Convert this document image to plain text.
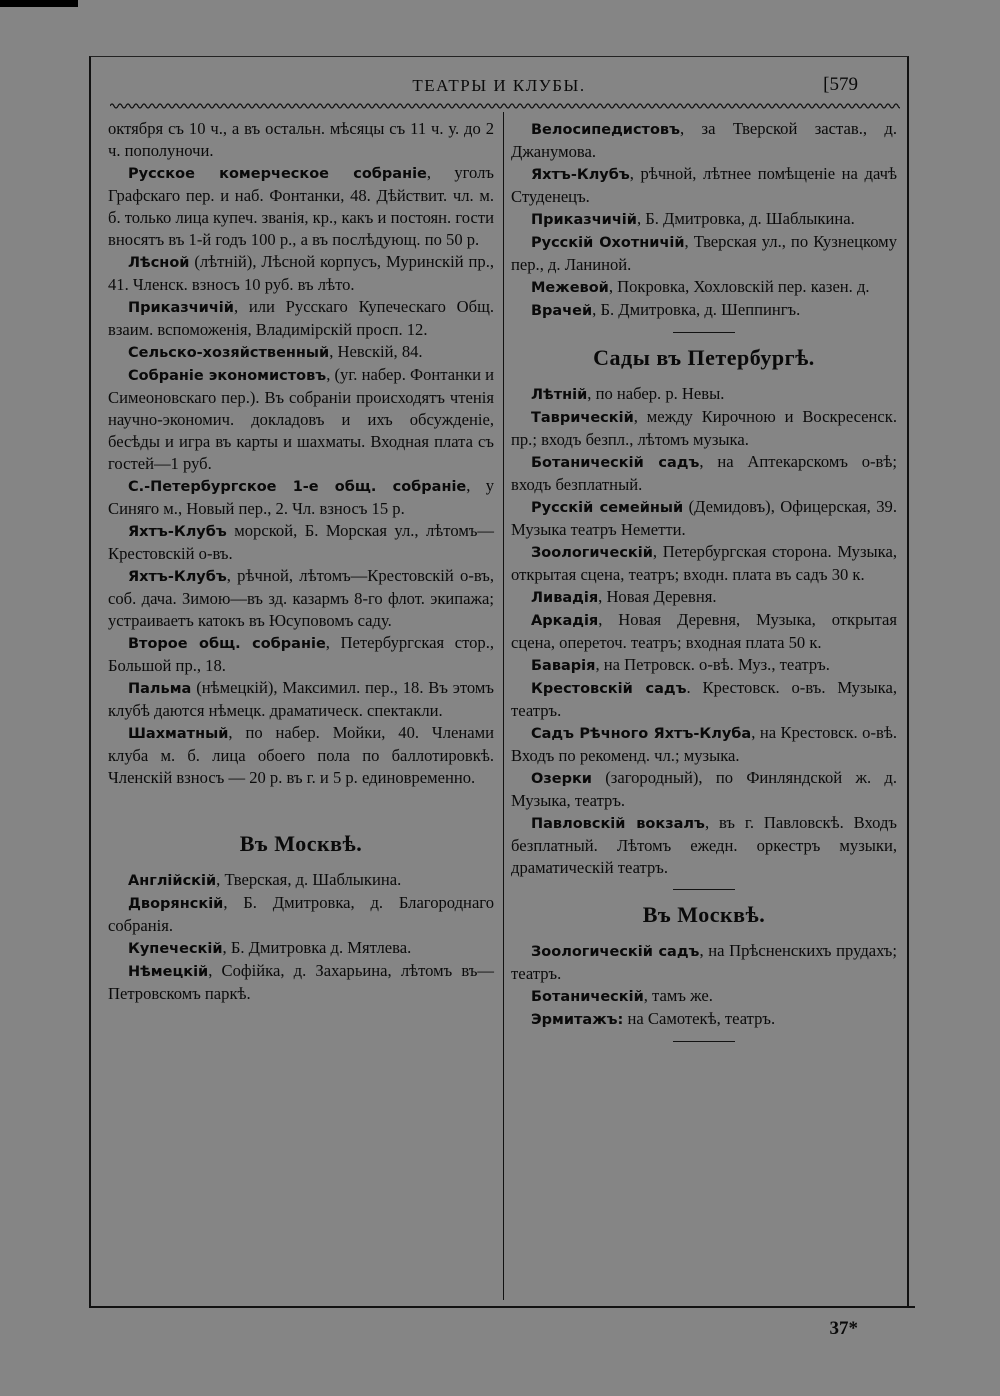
ТЕАТРЫ И КЛУБЫ.	[579

октября съ 10 ч., а въ остальн. мѣсяцы съ 11 ч. у. до 2 ч. пополуночи.

Русское комерческое собраніе, уголъ Графскаго пер. и наб. Фонтанки, 48. Дѣйствит. чл. м. б. только лица купеч. званія, кр., какъ и постоян. гости вносятъ въ 1-й годъ 100 р., а въ послѣдующ. по 50 р.

Лѣсной (лѣтній), Лѣсной корпусъ, Муринскій пр., 41. Членск. взносъ 10 руб. въ лѣто.

Приказчичій, или Русскаго Купеческаго Общ. взаим. вспоможенія, Владимірскій просп. 12.

Сельско-хозяйственный, Невскій, 84.

Собраніе экономистовъ, (уг. набер. Фонтанки и Симеоновскаго пер.). Въ собраніи происходятъ чтенія научно-экономич. докладовъ и ихъ обсужденіе, бесѣды и игра въ карты и шахматы. Входная плата съ гостей—1 руб.

С.-Петербургское 1-е общ. собраніе, у Синяго м., Новый пер., 2. Чл. взносъ 15 р.

Яхтъ-Клубъ морской, Б. Морская ул., лѣтомъ—Крестовскій о-въ.

Яхтъ-Клубъ, рѣчной, лѣтомъ—Крестовскій о-въ, соб. дача. Зимою—въ зд. казармъ 8-го флот. экипажа; устраиваетъ катокъ въ Юсуповомъ саду.

Второе общ. собраніе, Петербургская стор., Большой пр., 18.

Пальма (нѣмецкій), Максимил. пер., 18. Въ этомъ клубѣ даются нѣмецк. драматическ. спектакли.

Шахматный, по набер. Мойки, 40. Членами клуба м. б. лица обоего пола по баллотировкѣ. Членскій взносъ — 20 р. въ г. и 5 р. единовременно.

Въ Москвѣ.

Англійскій, Тверская, д. Шаблыкина.

Дворянскій, Б. Дмитровка, д. Благороднаго собранія.

Купеческій, Б. Дмитровка д. Мятлева.

Нѣмецкій, Софійка, д. Захарьина, лѣтомъ въ—Петровскомъ паркѣ.

Велосипедистовъ, за Тверской застав., д. Джанумова.

Яхтъ-Клубъ, рѣчной, лѣтнее помѣщеніе на дачѣ Студенецъ.

Приказчичій, Б. Дмитровка, д. Шаблыкина.

Русскій Охотничій, Тверская ул., по Кузнецкому пер., д. Ланиной.

Межевой, Покровка, Хохловскій пер. казен. д.

Врачей, Б. Дмитровка, д. Шеппингъ.

Сады въ Петербургѣ.

Лѣтній, по набер. р. Невы.

Таврическій, между Кирочною и Воскресенск. пр.; входъ безпл., лѣтомъ музыка.

Ботаническій садъ, на Аптекарскомъ о-вѣ; входъ безплатный.

Русскій семейный (Демидовъ), Офицерская, 39. Музыка театръ Неметти.

Зоологическій, Петербургская сторона. Музыка, открытая сцена, театръ; входн. плата въ садъ 30 к.

Ливадія, Новая Деревня.

Аркадія, Новая Деревня, Музыка, открытая сцена, опереточ. театръ; входная плата 50 к.

Баварія, на Петровск. о-вѣ. Муз., театръ.

Крестовскій садъ. Крестовск. о-въ. Музыка, театръ.

Садъ Рѣчного Яхтъ-Клуба, на Крестовск. о-вѣ. Входъ по рекоменд. чл.; музыка.

Озерки (загородный), по Финляндской ж. д. Музыка, театръ.

Павловскій вокзалъ, въ г. Павловскѣ. Входъ безплатный. Лѣтомъ ежедн. оркестръ музыки, драматическій театръ.

Въ Москвѣ.

Зоологическій садъ, на Прѣсненскихъ прудахъ; театръ.

Ботаническій, тамъ же.

Эрмитажъ: на Самотекѣ, театръ.

37*
